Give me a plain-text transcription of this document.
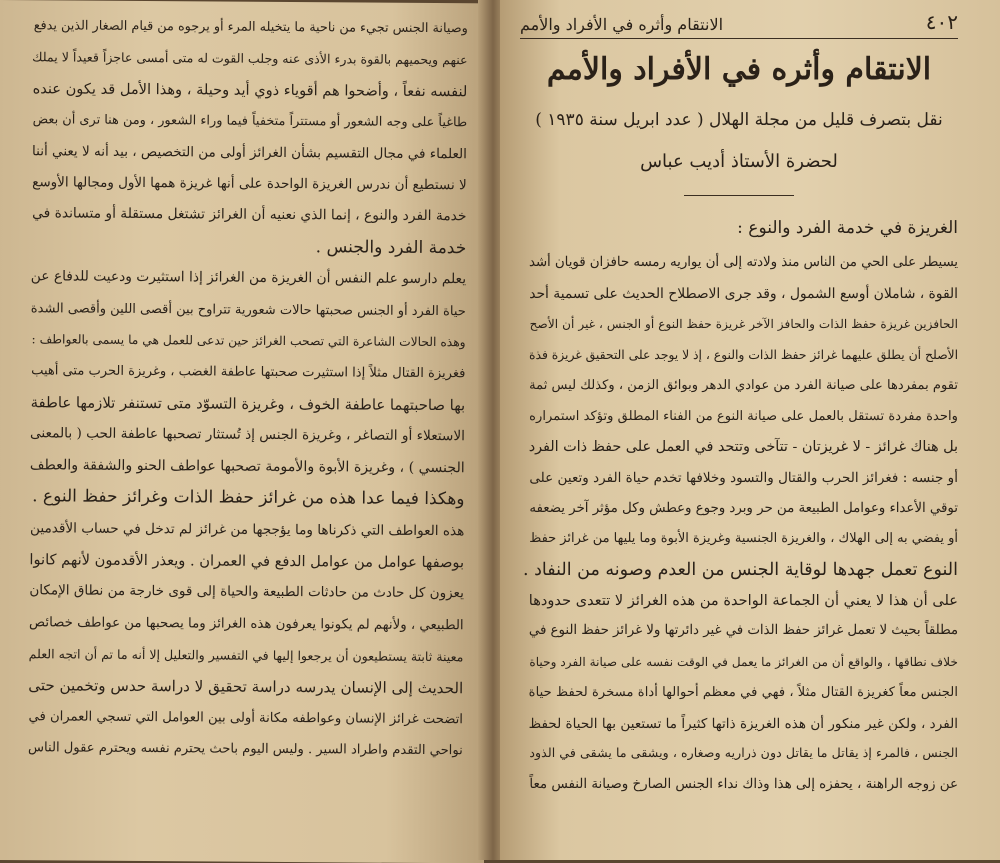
وصيانة الجنس تجيء من ناحية ما يتخيله المرء أو يرجوه من قيام الصغار الذين يدفع
عنهم ويحميهم بالقوة بدرء الأذى عنه وجلب القوت له متى أمسى عاجزاً قعيداً لا يملك
لنفسه نفعاً ، وأضحوا هم أقوياء ذوي أيد وحيلة ، وهذا الأمل قد يكون عنده
طاغياً على وجه الشعور أو مستتراً متخفياً فيما وراء الشعور ، ومن هنا ترى أن بعض
العلماء في مجال التقسيم بشأن الغرائز أولى من التخصيص ، بيد أنه لا يعني أننا
لا نستطيع أن ندرس الغريزة الواحدة على أنها غريزة همها الأول ومجالها الأوسع
خدمة الفرد والنوع ، إنما الذي نعنيه أن الغرائز تشتغل مستقلة أو متساندة في
خدمة الفرد والجنس .
يعلم دارسو علم النفس أن الغريزة من الغرائز إذا استثيرت ودعيت للدفاع عن
حياة الفرد أو الجنس صحبتها حالات شعورية تتراوح بين أقصى اللين وأقصى الشدة
وهذه الحالات الشاعرة التي تصحب الغرائز حين تدعى للعمل هي ما يسمى بالعواطف :
فغريزة القتال مثلاً إذا استثيرت صحبتها عاطفة الغضب ، وغريزة الحرب متى أهيب
بها صاحبتهما عاطفة الخوف ، وغريزة التسوّد متى تستنفر تلازمها عاطفة
الاستعلاء أو التصاغر ، وغريزة الجنس إذ تُستثار تصحبها عاطفة الحب ( بالمعنى
الجنسي ) ، وغريزة الأبوة والأمومة تصحبها عواطف الحنو والشفقة والعطف
وهكذا فيما عدا هذه من غرائز حفظ الذات وغرائز حفظ النوع .
هذه العواطف التي ذكرناها وما يؤججها من غرائز لم تدخل في حساب الأقدمين
بوصفها عوامل من عوامل الدفع في العمران . ويعذر الأقدمون لأنهم كانوا
يعزون كل حادث من حادثات الطبيعة والحياة إلى قوى خارجة من نطاق الإمكان
الطبيعي ، ولأنهم لم يكونوا يعرفون هذه الغرائز وما يصحبها من عواطف خصائص
معينة ثابتة يستطيعون أن يرجعوا إليها في التفسير والتعليل إلا أنه ما تم أن اتجه العلم
الحديث إلى الإنسان يدرسه دراسة تحقيق لا دراسة حدس وتخمين حتى
اتضحت غرائز الإنسان وعواطفه مكانة أولى بين العوامل التي تسجي العمران في
نواحي التقدم واطراد السير . وليس اليوم باحث يحترم نفسه ويحترم عقول الناس
٤٠٢
الانتقام وأثره في الأفراد والأمم
الانتقام وأثره في الأفراد والأمم
نقل بتصرف قليل من مجلة الهلال ( عدد ابريل سنة ١٩٣٥ )
لحضرة الأستاذ أديب عباس
الغريزة في خدمة الفرد والنوع :
يسيطر على الحي من الناس منذ ولادته إلى أن يواريه رمسه حافزان قويان أشد
القوة ، شاملان أوسع الشمول ، وقد جرى الاصطلاح الحديث على تسمية أحد
الحافزين غريزة حفظ الذات والحافز الآخر غريزة حفظ النوع أو الجنس ، غير أن الأصح
الأصلح أن يطلق عليهما غرائز حفظ الذات والنوع ، إذ لا يوجد على التحقيق غريزة فذة
تقوم بمفردها على صيانة الفرد من عوادي الدهر وبوائق الزمن ، وكذلك ليس ثمة
واحدة مفردة تستقل بالعمل على صيانة النوع من الفناء المطلق وتؤكد استمراره
بل هناك غرائز - لا غريزتان - تتآخى وتتحد في العمل على حفظ ذات الفرد
أو جنسه : فغرائز الحرب والقتال والتسود وخلافها تخدم حياة الفرد وتعين على
توقي الأعداء وعوامل الطبيعة من حر وبرد وجوع وعطش وكل مؤثر آخر يضعفه
أو يفضي به إلى الهلاك ، والغريزة الجنسية وغريزة الأبوة وما يليها من غرائز حفظ
النوع تعمل جهدها لوقاية الجنس من العدم وصونه من النفاد .
على أن هذا لا يعني أن الجماعة الواحدة من هذه الغرائز لا تتعدى حدودها
مطلقاً بحيث لا تعمل غرائز حفظ الذات في غير دائرتها ولا غرائز حفظ النوع في
خلاف نطاقها ، والواقع أن من الغرائز ما يعمل في الوقت نفسه على صيانة الفرد وحياة
الجنس معاً كغريزة القتال مثلاً ، فهي في معظم أحوالها أداة مسخرة لحفظ حياة
الفرد ، ولكن غير منكور أن هذه الغريزة ذاتها كثيراً ما تستعين بها الحياة لحفظ
الجنس ، فالمرء إذ يقاتل ما يقاتل دون ذراريه وصغاره ، ويشقى ما يشقى في الذود
عن زوجه الراهنة ، يحفزه إلى هذا وذاك نداء الجنس الصارخ وصيانة النفس معاً
